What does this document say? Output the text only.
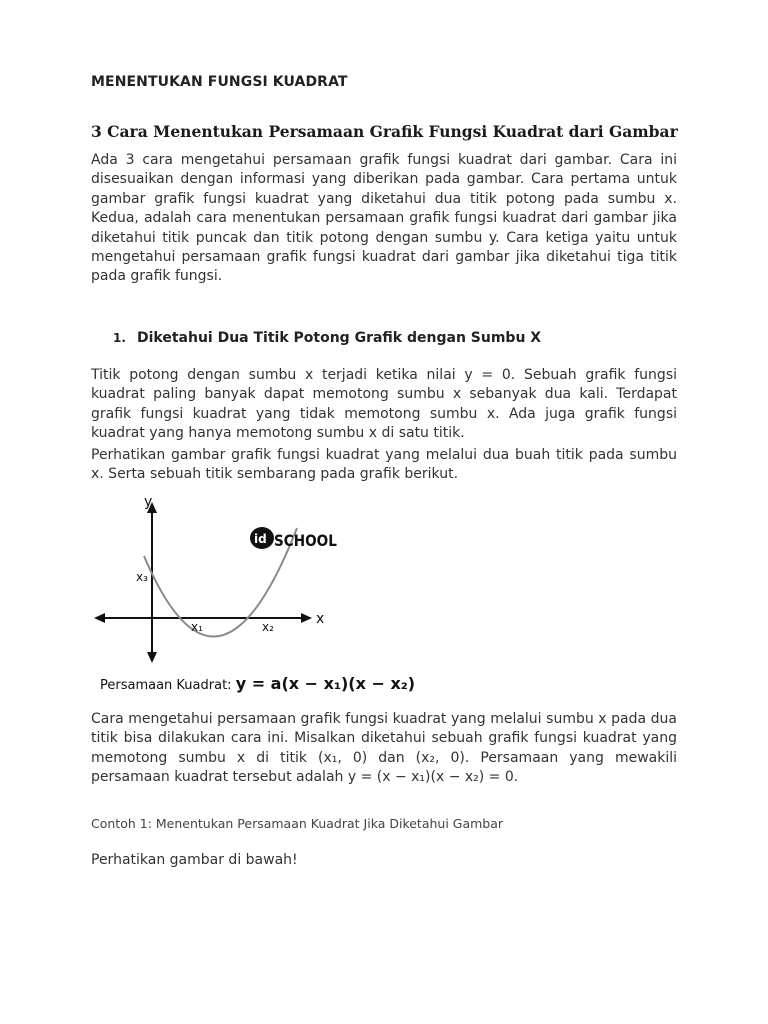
MENENTUKAN FUNGSI KUADRAT
3 Cara Menentukan Persamaan Grafik Fungsi Kuadrat dari Gambar
Ada 3 cara mengetahui persamaan grafik fungsi kuadrat dari gambar. Cara ini disesuaikan dengan informasi yang diberikan pada gambar. Cara pertama untuk gambar grafik fungsi kuadrat yang diketahui dua titik potong pada sumbu x. Kedua, adalah cara menentukan persamaan grafik fungsi kuadrat dari gambar jika diketahui titik puncak dan titik potong dengan sumbu y. Cara ketiga yaitu untuk mengetahui persamaan grafik fungsi kuadrat dari gambar jika diketahui tiga titik pada grafik fungsi.
1. Diketahui Dua Titik Potong Grafik dengan Sumbu X
Titik potong dengan sumbu x terjadi ketika nilai y = 0. Sebuah grafik fungsi kuadrat paling banyak dapat memotong sumbu x sebanyak dua kali. Terdapat grafik fungsi kuadrat yang tidak memotong sumbu x. Ada juga grafik fungsi kuadrat yang hanya memotong sumbu x di satu titik.
Perhatikan gambar grafik fungsi kuadrat yang melalui dua buah titik pada sumbu x. Serta sebuah titik sembarang pada grafik berikut.
y
x
x₃
x₁	x₂
id SCHOOL
Persamaan Kuadrat: y = a(x − x₁)(x − x₂)
Cara mengetahui persamaan grafik fungsi kuadrat yang melalui sumbu x pada dua titik bisa dilakukan cara ini. Misalkan diketahui sebuah grafik fungsi kuadrat yang memotong sumbu x di titik (x₁, 0) dan (x₂, 0). Persamaan yang mewakili persamaan kuadrat tersebut adalah y = (x − x₁)(x − x₂) = 0.
Contoh 1: Menentukan Persamaan Kuadrat Jika Diketahui Gambar
Perhatikan gambar di bawah!
